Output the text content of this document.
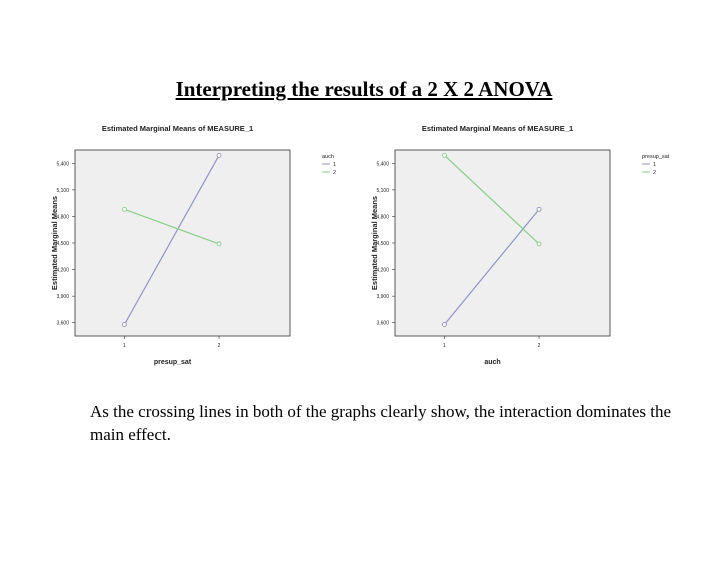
Interpreting the results of a 2 X 2 ANOVA
Estimated Marginal Means of MEASURE_1
3,600
3,900
4,200
4,500
4,800
5,100
5,400
1	2
presup_sat
Estimated Marginal Means
auch
1
2
Estimated Marginal Means of MEASURE_1
3,600
3,900
4,200
4,500
4,800
5,100
5,400
1	2
auch
Estimated Marginal Means
presup_sat
1
2
As the crossing lines in both of the graphs clearly show, the interaction dominates the main effect.
